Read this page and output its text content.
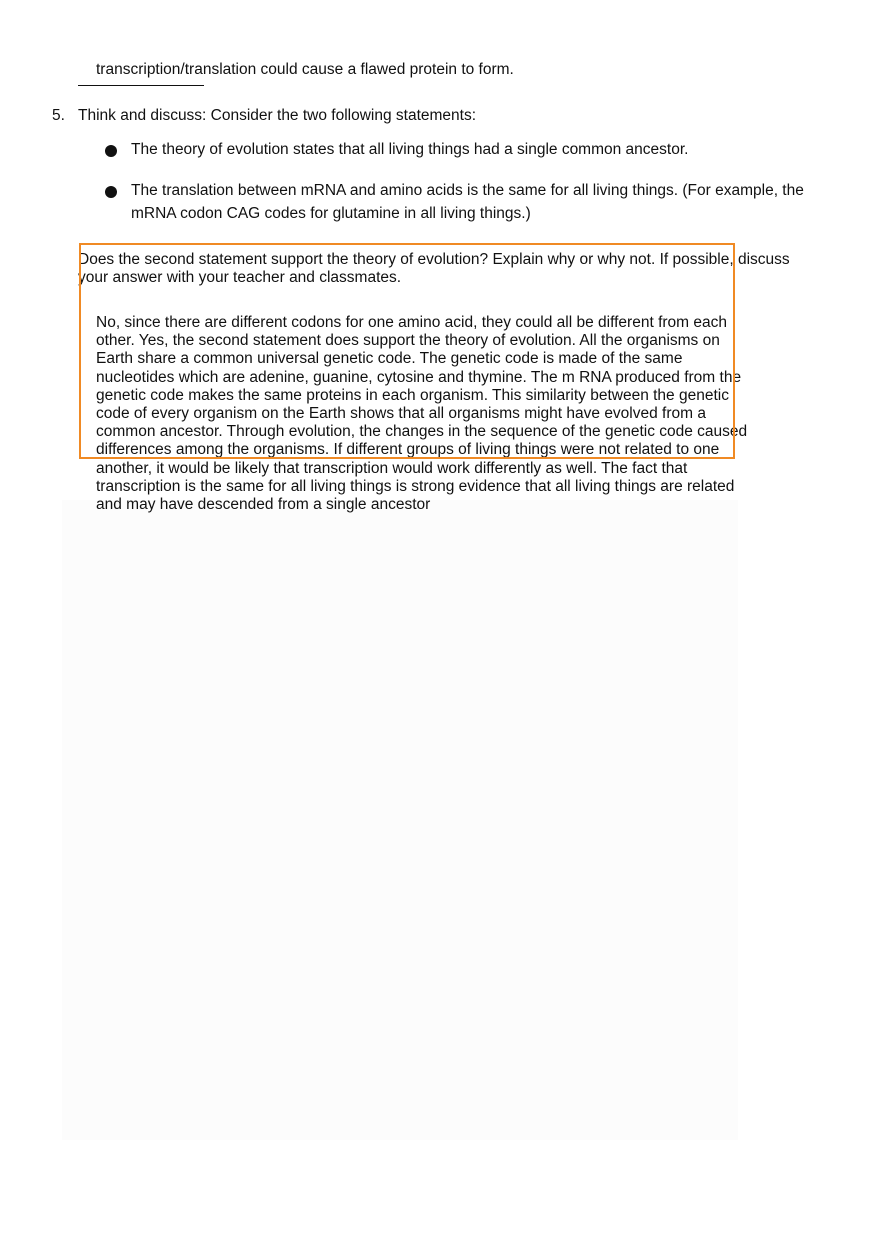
transcription/translation could cause a flawed protein to form.
5. Think and discuss: Consider the two following statements:
The theory of evolution states that all living things had a single common ancestor.
The translation between mRNA and amino acids is the same for all living things. (For example, the mRNA codon CAG codes for glutamine in all living things.)
Does the second statement support the theory of evolution? Explain why or why not. If possible, discuss your answer with your teacher and classmates.
No, since there are different codons for one amino acid, they could all be different from each other. Yes, the second statement does support the theory of evolution. All the organisms on Earth share a common universal genetic code. The genetic code is made of the same nucleotides which are adenine, guanine, cytosine and thymine. The m RNA produced from the genetic code makes the same proteins in each organism. This similarity between the genetic code of every organism on the Earth shows that all organisms might have evolved from a common ancestor. Through evolution, the changes in the sequence of the genetic code caused differences among the organisms. If different groups of living things were not related to one another, it would be likely that transcription would work differently as well. The fact that transcription is the same for all living things is strong evidence that all living things are related and may have descended from a single ancestor
